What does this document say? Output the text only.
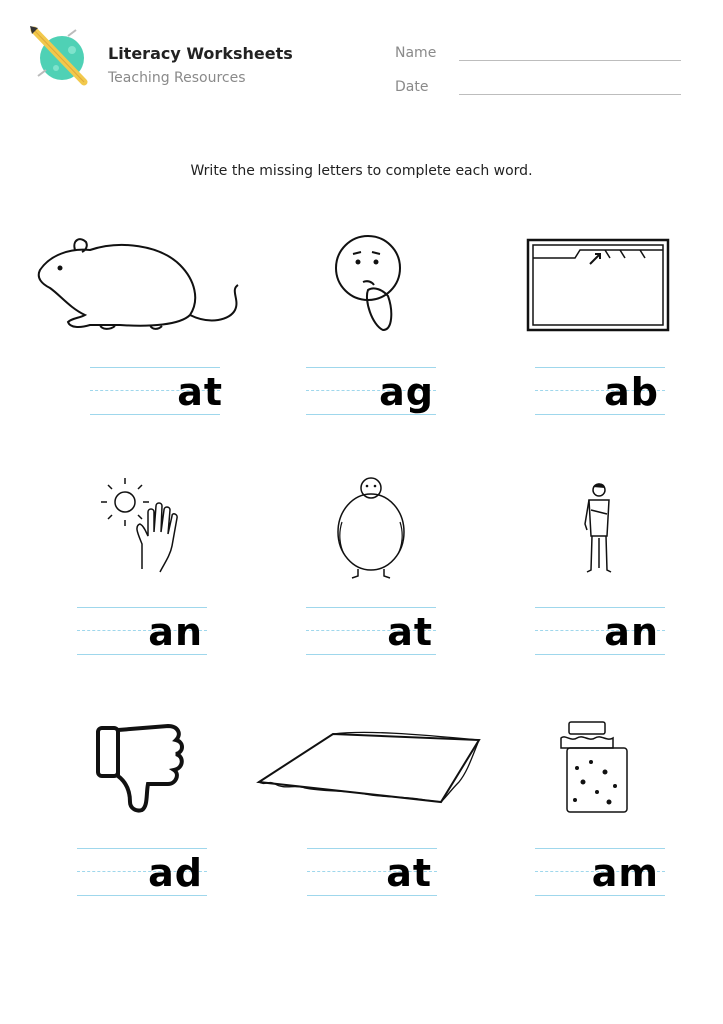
Literacy Worksheets
Teaching Resources
Name
Date
Write the missing letters to complete each word.
at	ag	ab
an	at	an
ad	at	am
